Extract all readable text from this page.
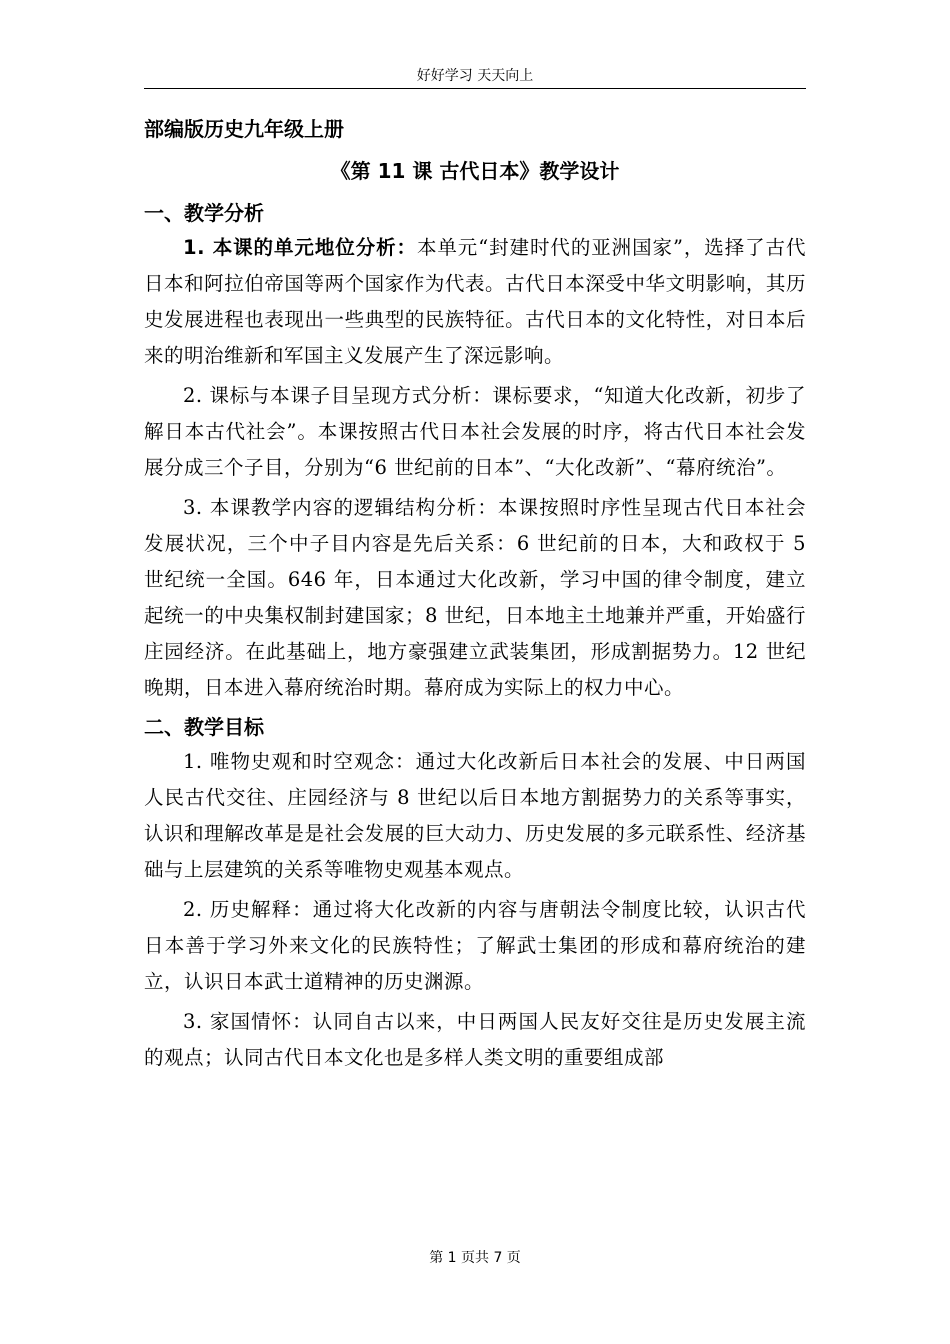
好好学习 天天向上
部编版历史九年级上册
《第 11 课 古代日本》教学设计
一、教学分析

1. 本课的单元地位分析：本单元“封建时代的亚洲国家”，选择了古代日本和阿拉伯帝国等两个国家作为代表。古代日本深受中华文明影响，其历史发展进程也表现出一些典型的民族特征。古代日本的文化特性，对日本后来的明治维新和军国主义发展产生了深远影响。

2. 课标与本课子目呈现方式分析：课标要求，“知道大化改新，初步了解日本古代社会”。本课按照古代日本社会发展的时序，将古代日本社会发展分成三个子目，分别为“6 世纪前的日本”、“大化改新”、“幕府统治”。

3. 本课教学内容的逻辑结构分析：本课按照时序性呈现古代日本社会发展状况，三个中子目内容是先后关系：6 世纪前的日本，大和政权于 5 世纪统一全国。646 年，日本通过大化改新，学习中国的律令制度，建立起统一的中央集权制封建国家；8 世纪，日本地主土地兼并严重，开始盛行庄园经济。在此基础上，地方豪强建立武装集团，形成割据势力。12 世纪晚期，日本进入幕府统治时期。幕府成为实际上的权力中心。

二、教学目标

1. 唯物史观和时空观念：通过大化改新后日本社会的发展、中日两国人民古代交往、庄园经济与 8 世纪以后日本地方割据势力的关系等事实，认识和理解改革是是社会发展的巨大动力、历史发展的多元联系性、经济基础与上层建筑的关系等唯物史观基本观点。

2. 历史解释：通过将大化改新的内容与唐朝法令制度比较，认识古代日本善于学习外来文化的民族特性；了解武士集团的形成和幕府统治的建立，认识日本武士道精神的历史渊源。

3. 家国情怀：认同自古以来，中日两国人民友好交往是历史发展主流的观点；认同古代日本文化也是多样人类文明的重要组成部

第 1 页共 7 页
